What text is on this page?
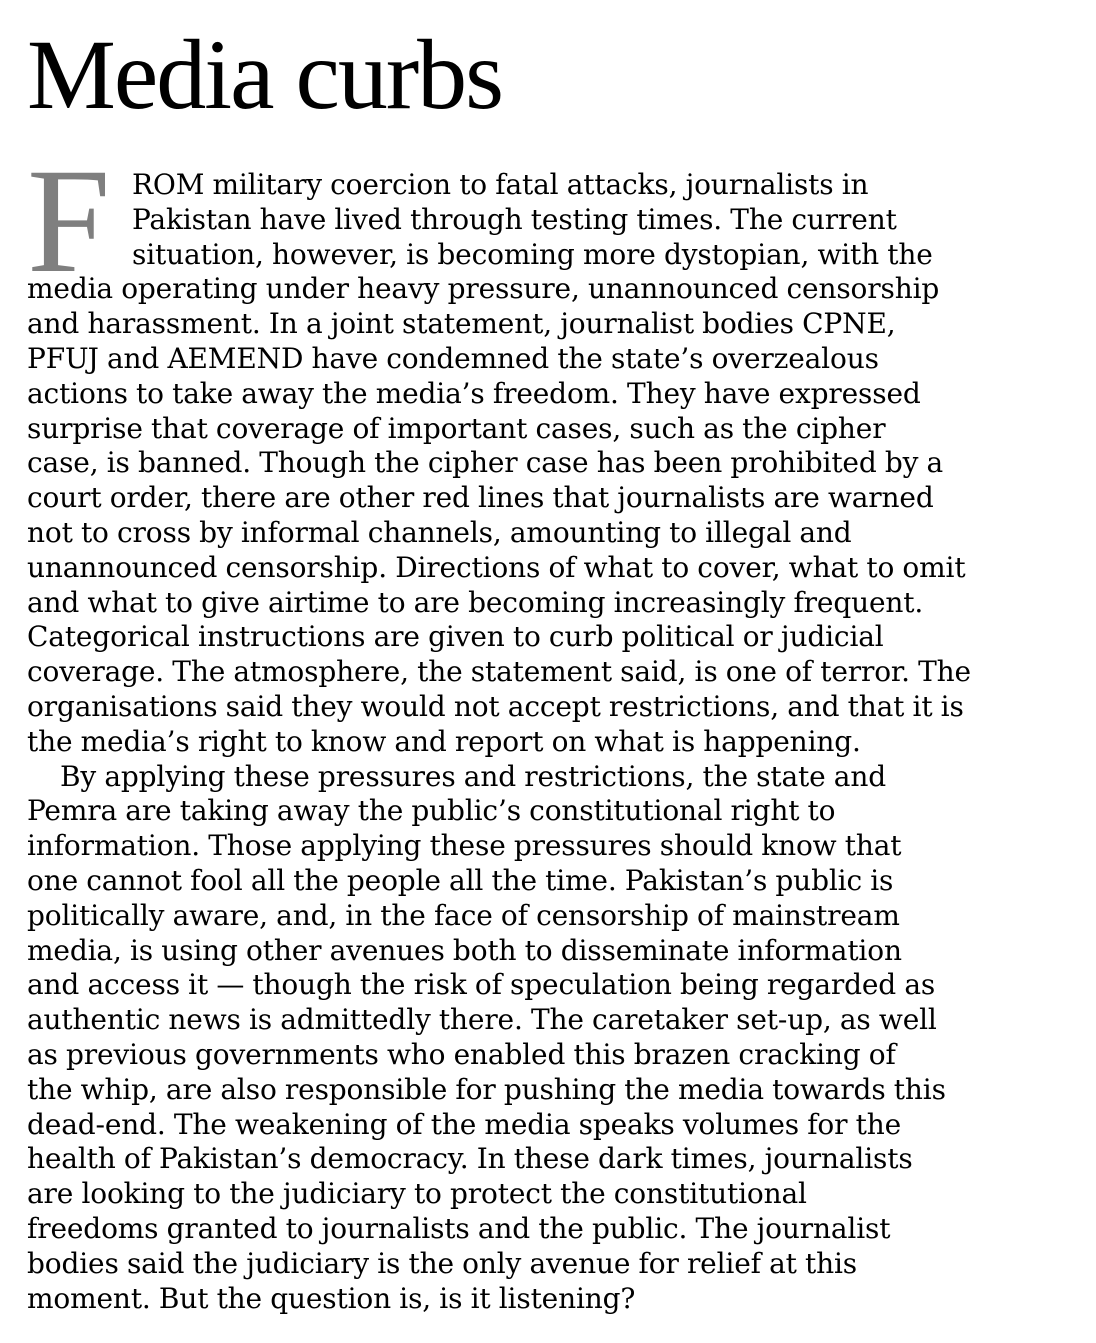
Media curbs
F ROM military coercion to fatal attacks, journalists in
Pakistan have lived through testing times. The current
situation, however, is becoming more dystopian, with the
media operating under heavy pressure, unannounced censorship
and harassment. In a joint statement, journalist bodies CPNE,
PFUJ and AEMEND have condemned the state’s overzealous
actions to take away the media’s freedom. They have expressed
surprise that coverage of important cases, such as the cipher
case, is banned. Though the cipher case has been prohibited by a
court order, there are other red lines that journalists are warned
not to cross by informal channels, amounting to illegal and
unannounced censorship. Directions of what to cover, what to omit
and what to give airtime to are becoming increasingly frequent.
Categorical instructions are given to curb political or judicial
coverage. The atmosphere, the statement said, is one of terror. The
organisations said they would not accept restrictions, and that it is
the media’s right to know and report on what is happening.

By applying these pressures and restrictions, the state and
Pemra are taking away the public’s constitutional right to
information. Those applying these pressures should know that
one cannot fool all the people all the time. Pakistan’s public is
politically aware, and, in the face of censorship of mainstream
media, is using other avenues both to disseminate information
and access it — though the risk of speculation being regarded as
authentic news is admittedly there. The caretaker set-up, as well
as previous governments who enabled this brazen cracking of
the whip, are also responsible for pushing the media towards this
dead-end. The weakening of the media speaks volumes for the
health of Pakistan’s democracy. In these dark times, journalists
are looking to the judiciary to protect the constitutional
freedoms granted to journalists and the public. The journalist
bodies said the judiciary is the only avenue for relief at this
moment. But the question is, is it listening?
